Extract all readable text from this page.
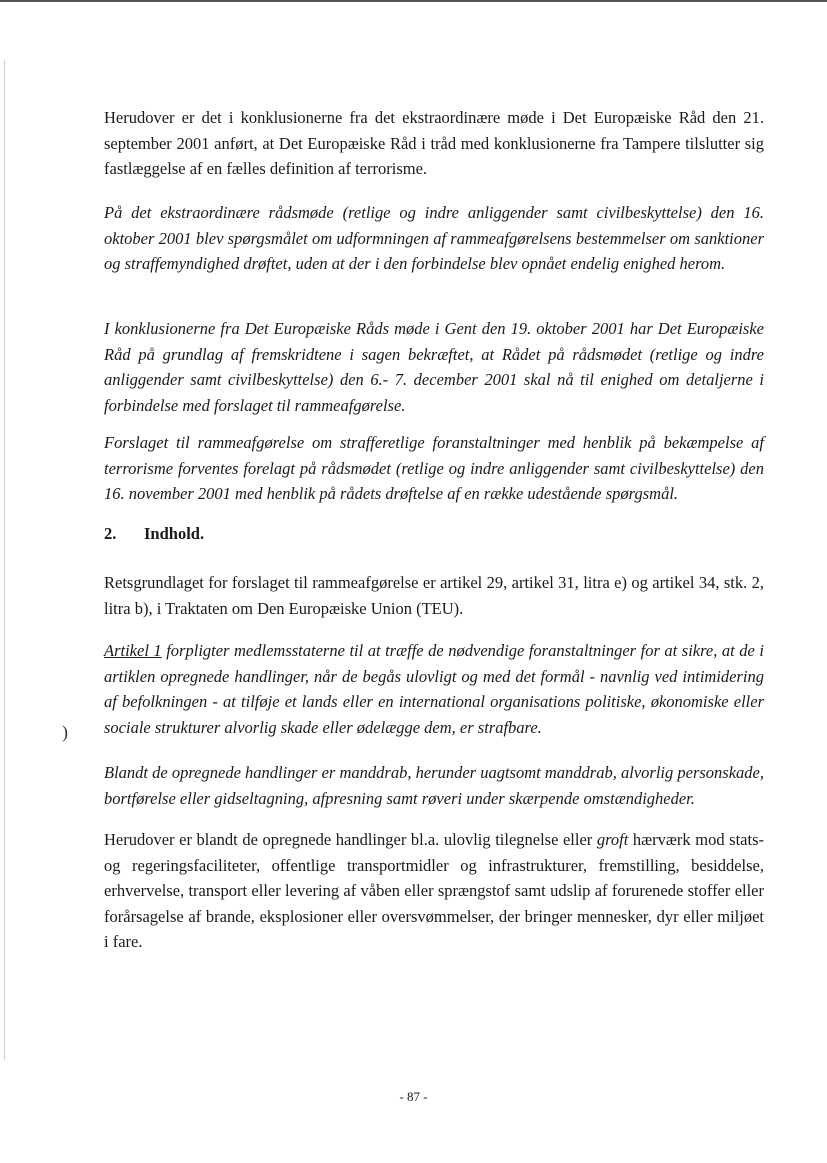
Herudover er det i konklusionerne fra det ekstraordinære møde i Det Europæiske Råd den 21. september 2001 anført, at Det Europæiske Råd i tråd med konklusionerne fra Tampere tilslutter sig fastlæggelse af en fælles definition af terrorisme.

På det ekstraordinære rådsmøde (retlige og indre anliggender samt civilbeskyttelse) den 16. oktober 2001 blev spørgsmålet om udformningen af rammeafgørelsens bestemmelser om sanktioner og straffemyndighed drøftet, uden at der i den forbindelse blev opnået endelig enighed herom.

I konklusionerne fra Det Europæiske Råds møde i Gent den 19. oktober 2001 har Det Europæiske Råd på grundlag af fremskridtene i sagen bekræftet, at Rådet på rådsmødet (retlige og indre anliggender samt civilbeskyttelse) den 6.- 7. december 2001 skal nå til enighed om detaljerne i forbindelse med forslaget til rammeafgørelse.

Forslaget til rammeafgørelse om strafferetlige foranstaltninger med henblik på bekæmpelse af terrorisme forventes forelagt på rådsmødet (retlige og indre anliggender samt civilbeskyttelse) den 16. november 2001 med henblik på rådets drøftelse af en række udestående spørgsmål.

2. Indhold.

Retsgrundlaget for forslaget til rammeafgørelse er artikel 29, artikel 31, litra e) og artikel 34, stk. 2, litra b), i Traktaten om Den Europæiske Union (TEU).

Artikel 1 forpligter medlemsstaterne til at træffe de nødvendige foranstaltninger for at sikre, at de i artiklen opregnede handlinger, når de begås ulovligt og med det formål - navnlig ved intimidering af befolkningen - at tilføje et lands eller en international organisations politiske, økonomiske eller sociale strukturer alvorlig skade eller ødelægge dem, er strafbare.

Blandt de opregnede handlinger er manddrab, herunder uagtsomt manddrab, alvorlig personskade, bortførelse eller gidseltagning, afpresning samt røveri under skærpende omstændigheder.

Herudover er blandt de opregnede handlinger bl.a. ulovlig tilegnelse eller groft hærværk mod stats- og regeringsfaciliteter, offentlige transportmidler og infrastrukturer, fremstilling, besiddelse, erhvervelse, transport eller levering af våben eller sprængstof samt udslip af forurenede stoffer eller forårsagelse af brande, eksplosioner eller oversvømmelser, der bringer mennesker, dyr eller miljøet i fare.

)
- 87 -
